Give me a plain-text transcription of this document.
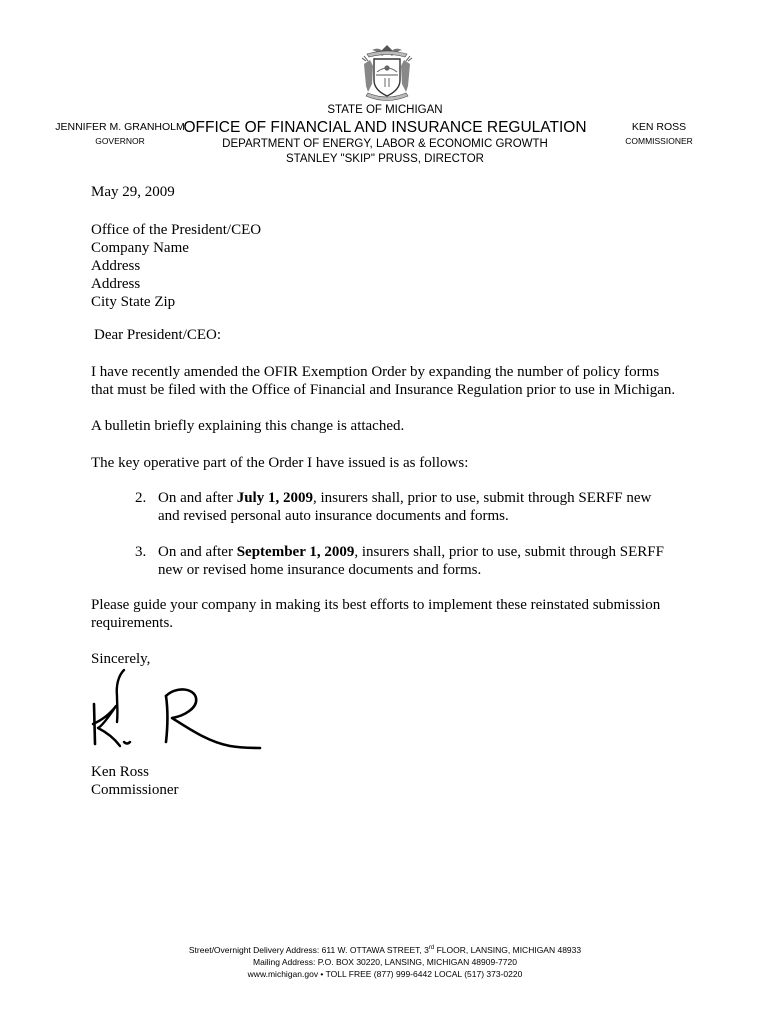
JENNIFER M. GRANHOLM
GOVERNOR
STATE OF MICHIGAN
OFFICE OF FINANCIAL AND INSURANCE REGULATION
DEPARTMENT OF ENERGY, LABOR & ECONOMIC GROWTH
STANLEY "SKIP" PRUSS, DIRECTOR
KEN ROSS
COMMISSIONER
May 29, 2009
Office of the President/CEO
Company Name
Address
Address
City State Zip
Dear President/CEO:
I have recently amended the OFIR Exemption Order by expanding the number of policy forms
that must be filed with the Office of Financial and Insurance Regulation prior to use in Michigan.
A bulletin briefly explaining this change is attached.
The key operative part of the Order I have issued is as follows:
2. On and after July 1, 2009, insurers shall, prior to use, submit through SERFF new
and revised personal auto insurance documents and forms.
3. On and after September 1, 2009, insurers shall, prior to use, submit through SERFF
new or revised home insurance documents and forms.
Please guide your company in making its best efforts to implement these reinstated submission
requirements.
Sincerely,
Ken Ross
Commissioner
Street/Overnight Delivery Address: 611 W. OTTAWA STREET, 3rd FLOOR, LANSING, MICHIGAN 48933
Mailing Address: P.O. BOX 30220, LANSING, MICHIGAN 48909-7720
www.michigan.gov • TOLL FREE (877) 999-6442 LOCAL (517) 373-0220
